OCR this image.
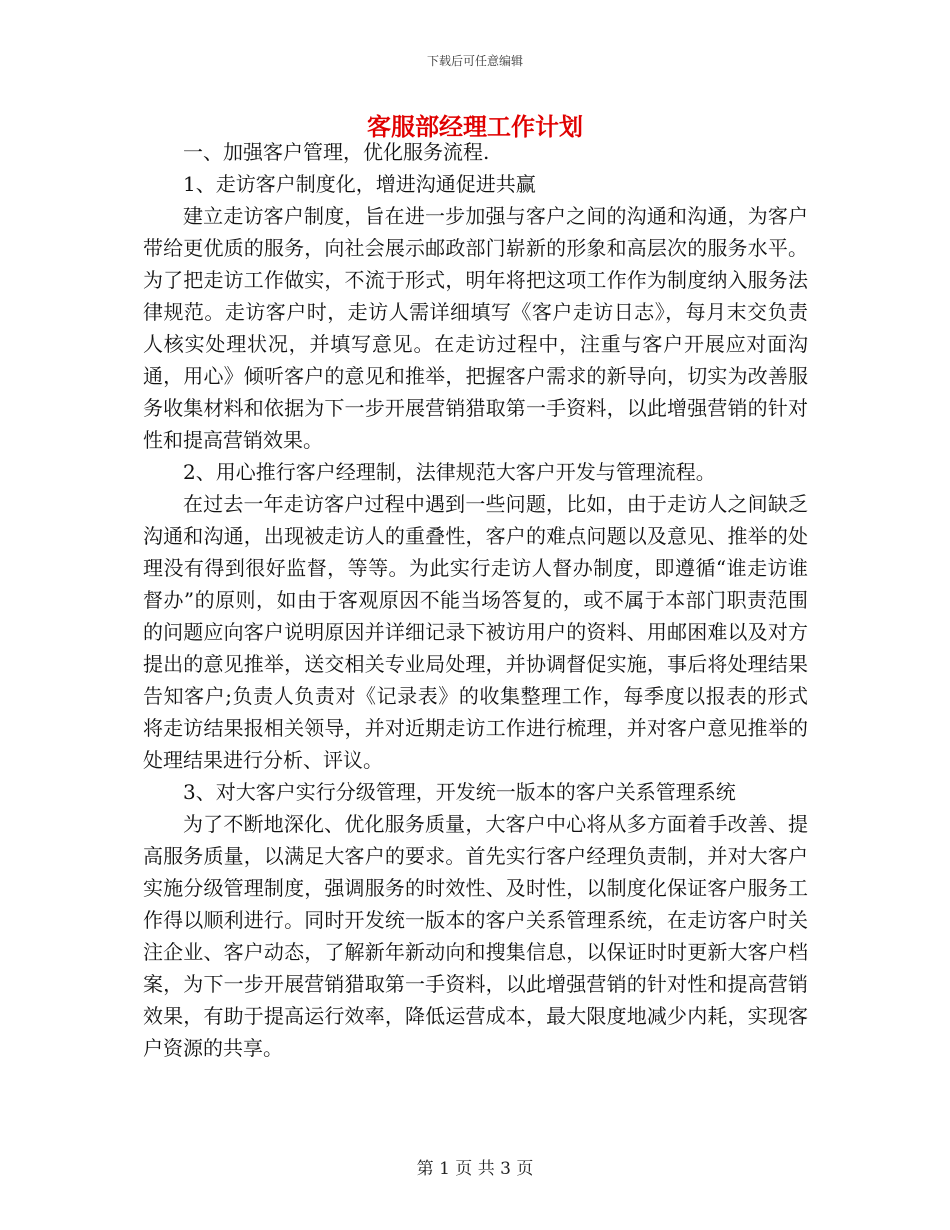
下载后可任意编辑
客服部经理工作计划

一、加强客户管理，优化服务流程.

1、走访客户制度化，增进沟通促进共赢

建立走访客户制度，旨在进一步加强与客户之间的沟通和沟通，为客户带给更优质的服务，向社会展示邮政部门崭新的形象和高层次的服务水平。为了把走访工作做实，不流于形式，明年将把这项工作作为制度纳入服务法律规范。走访客户时，走访人需详细填写《客户走访日志》，每月末交负责人核实处理状况，并填写意见。在走访过程中，注重与客户开展应对面沟通，用心》倾听客户的意见和推举，把握客户需求的新导向，切实为改善服务收集材料和依据为下一步开展营销猎取第一手资料，以此增强营销的针对性和提高营销效果。

2、用心推行客户经理制，法律规范大客户开发与管理流程。

在过去一年走访客户过程中遇到一些问题，比如，由于走访人之间缺乏沟通和沟通，出现被走访人的重叠性，客户的难点问题以及意见、推举的处理没有得到很好监督，等等。为此实行走访人督办制度，即遵循“谁走访谁督办”的原则，如由于客观原因不能当场答复的，或不属于本部门职责范围的问题应向客户说明原因并详细记录下被访用户的资料、用邮困难以及对方提出的意见推举，送交相关专业局处理，并协调督促实施，事后将处理结果告知客户;负责人负责对《记录表》的收集整理工作，每季度以报表的形式将走访结果报相关领导，并对近期走访工作进行梳理，并对客户意见推举的处理结果进行分析、评议。

3、对大客户实行分级管理，开发统一版本的客户关系管理系统

为了不断地深化、优化服务质量，大客户中心将从多方面着手改善、提高服务质量，以满足大客户的要求。首先实行客户经理负责制，并对大客户实施分级管理制度，强调服务的时效性、及时性，以制度化保证客户服务工作得以顺利进行。同时开发统一版本的客户关系管理系统，在走访客户时关注企业、客户动态，了解新年新动向和搜集信息，以保证时时更新大客户档案，为下一步开展营销猎取第一手资料，以此增强营销的针对性和提高营销效果，有助于提高运行效率，降低运营成本，最大限度地减少内耗，实现客户资源的共享。

第 1 页 共 3 页
